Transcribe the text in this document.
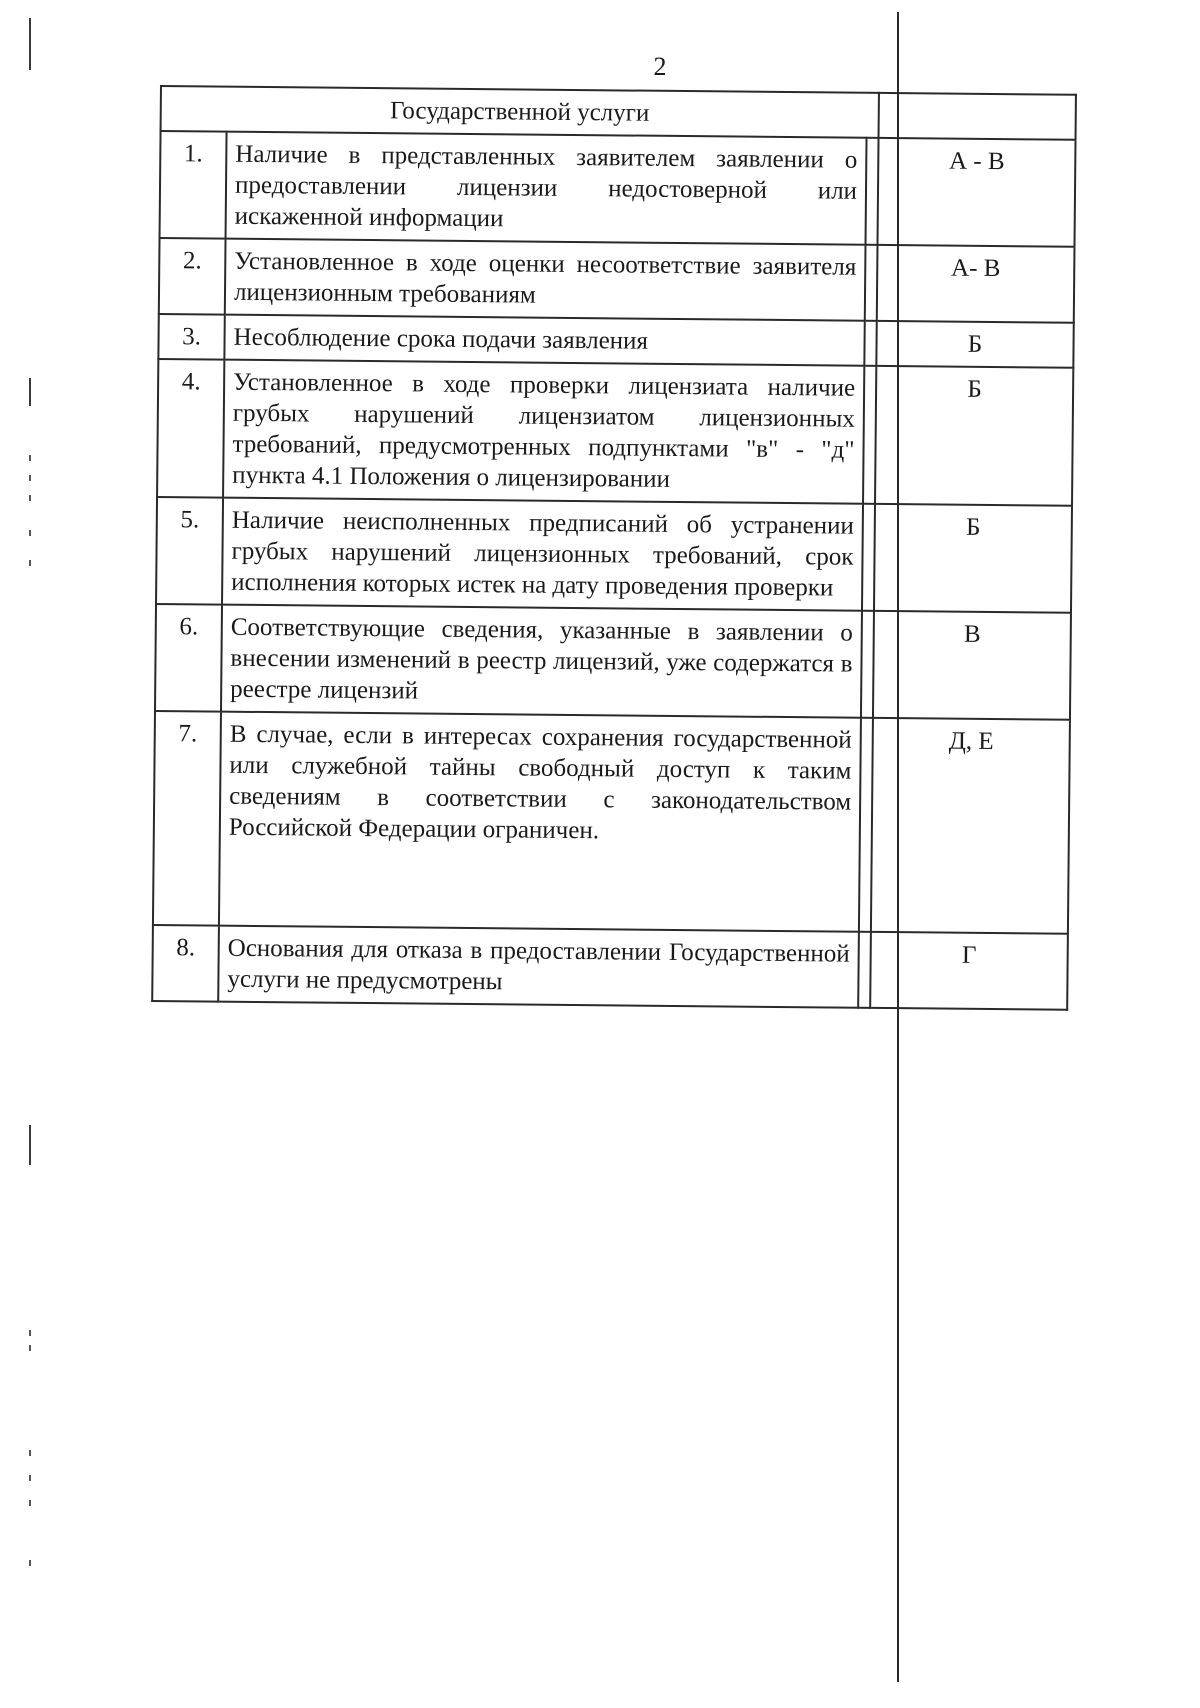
2
Государственной услуги			
1.	Наличие в представленных заявителем заявлении о предоставлении лицензии недостоверной или искаженной информации		А - В
2.	Установленное в ходе оценки несоответствие заявителя лицензионным требованиям		А- В
3.	Несоблюдение срока подачи заявления		Б
4.	Установленное в ходе проверки лицензиата наличие грубых нарушений лицензиатом лицензионных требований, предусмотренных подпунктами "в" - "д" пункта 4.1 Положения о лицензировании		Б
5.	Наличие неисполненных предписаний об устранении грубых нарушений лицензионных требований, срок исполнения которых истек на дату проведения проверки		Б
6.	Соответствующие сведения, указанные в заявлении о внесении изменений в реестр лицензий, уже содержатся в реестре лицензий		В
7.	В случае, если в интересах сохранения государственной или служебной тайны свободный доступ к таким сведениям в соответствии с законодательством Российской Федерации ограничен.		Д, Е
8.	Основания для отказа в предоставлении Государственной услуги не предусмотрены		Г
